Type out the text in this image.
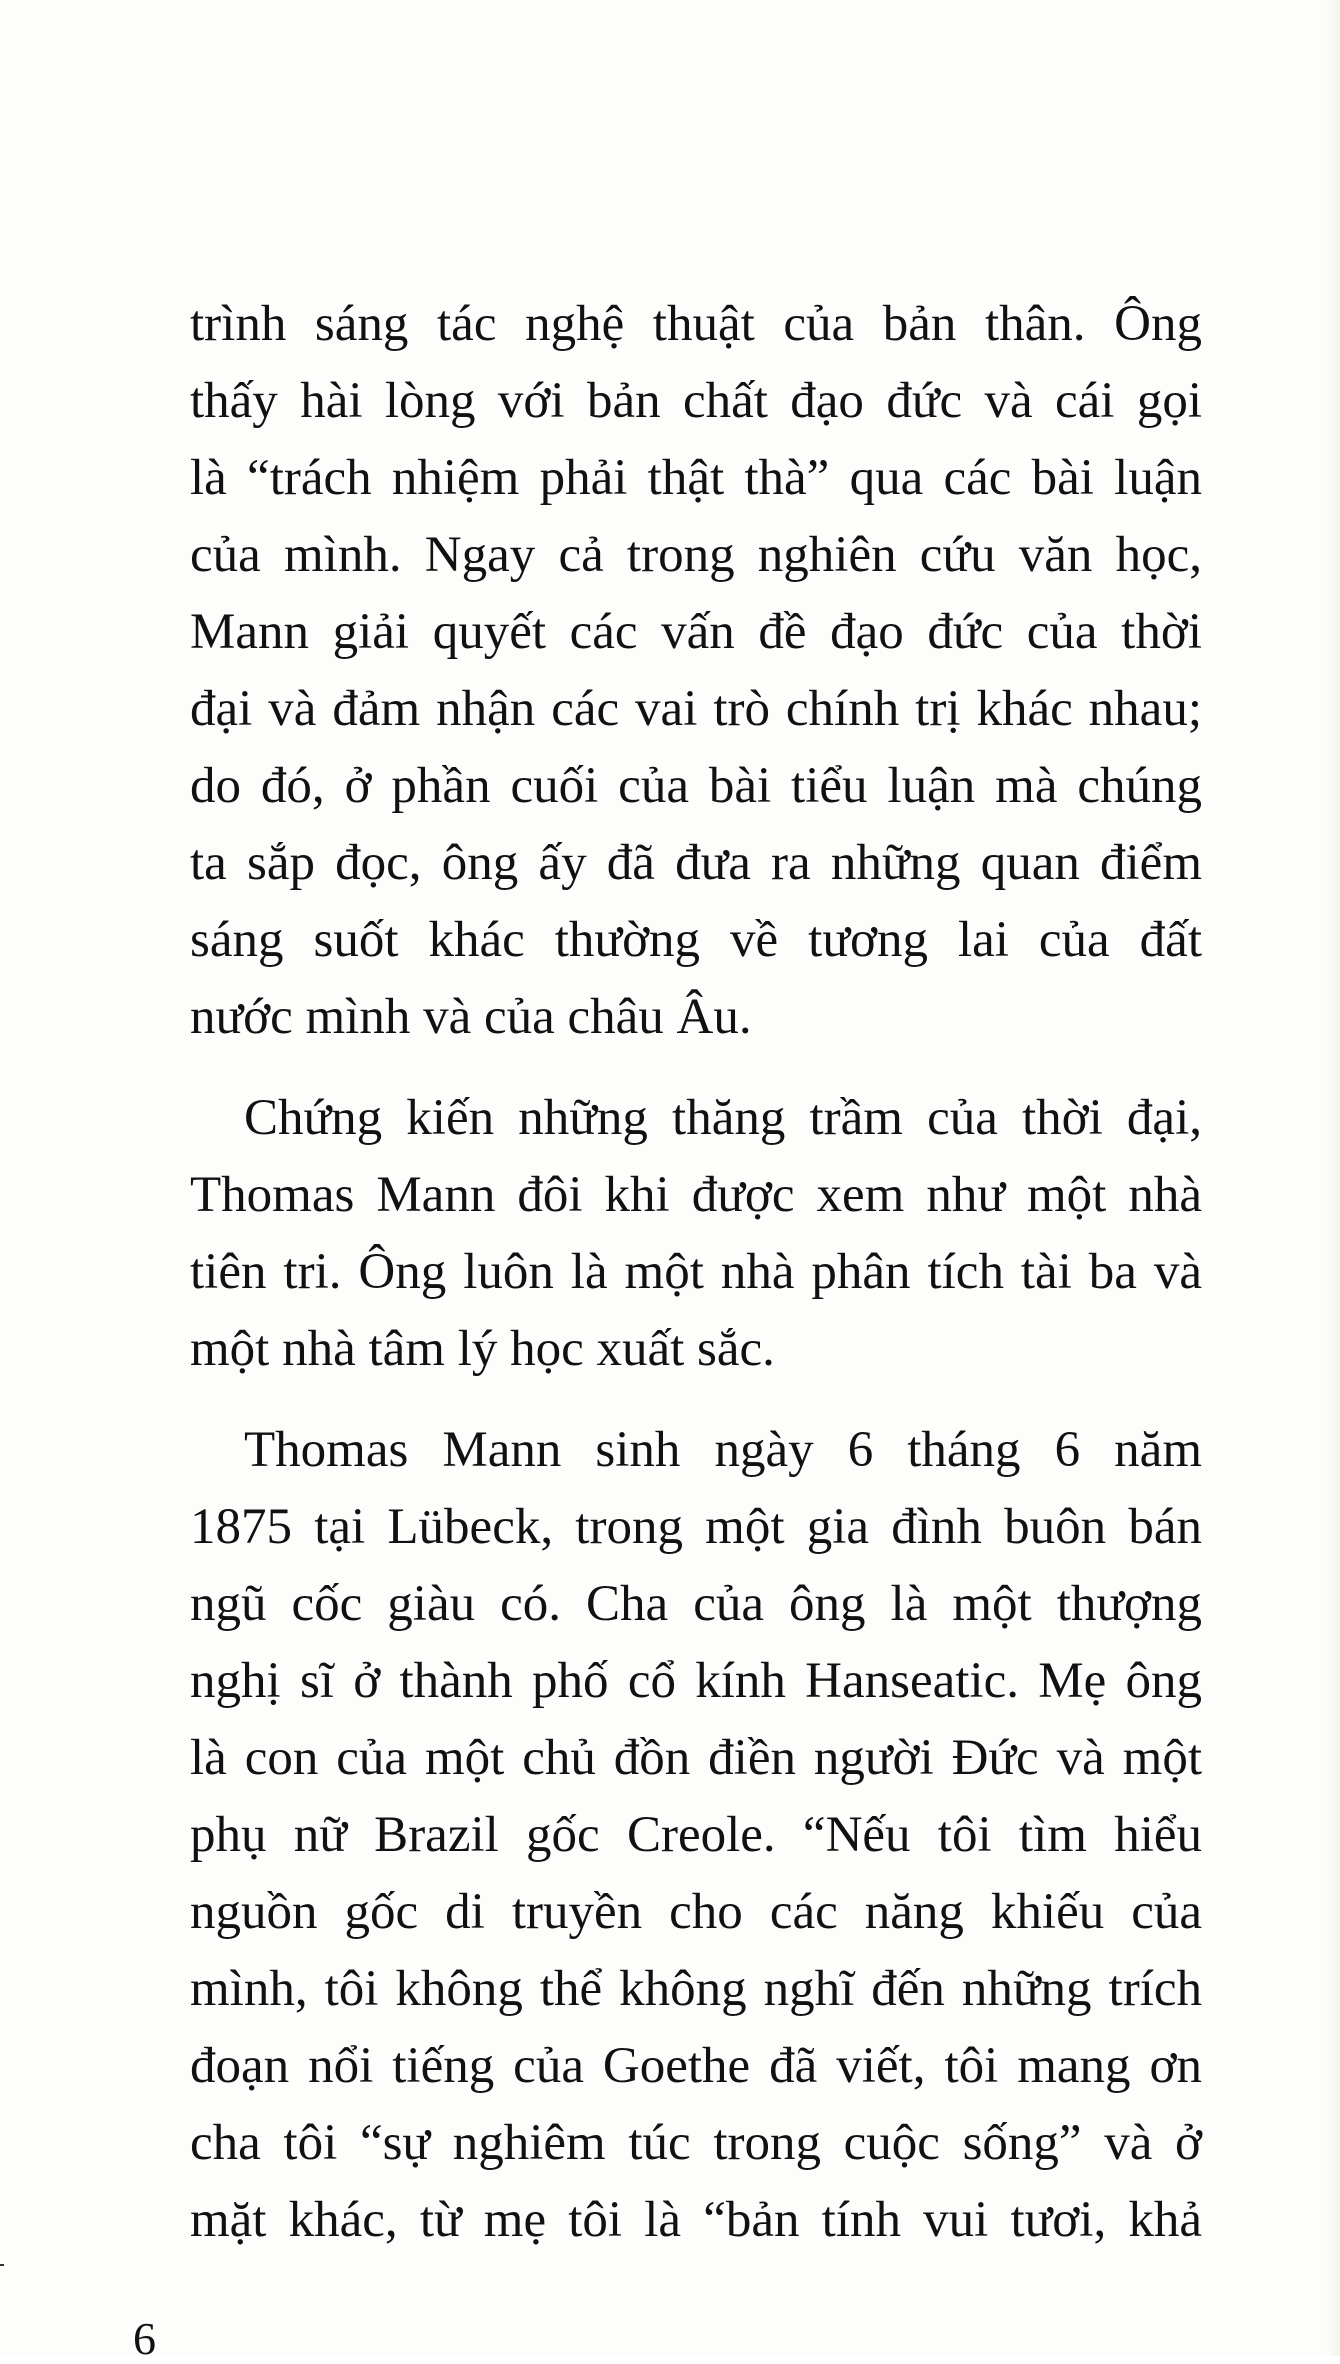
trình sáng tác nghệ thuật của bản thân. Ông
thấy hài lòng với bản chất đạo đức và cái gọi
là “trách nhiệm phải thật thà” qua các bài luận
của mình. Ngay cả trong nghiên cứu văn học,
Mann giải quyết các vấn đề đạo đức của thời
đại và đảm nhận các vai trò chính trị khác nhau;
do đó, ở phần cuối của bài tiểu luận mà chúng
ta sắp đọc, ông ấy đã đưa ra những quan điểm
sáng suốt khác thường về tương lai của đất
nước mình và của châu Âu.
Chứng kiến những thăng trầm của thời đại,
Thomas Mann đôi khi được xem như một nhà
tiên tri. Ông luôn là một nhà phân tích tài ba và
một nhà tâm lý học xuất sắc.
Thomas Mann sinh ngày 6 tháng 6 năm
1875 tại Lübeck, trong một gia đình buôn bán
ngũ cốc giàu có. Cha của ông là một thượng
nghị sĩ ở thành phố cổ kính Hanseatic. Mẹ ông
là con của một chủ đồn điền người Đức và một
phụ nữ Brazil gốc Creole. “Nếu tôi tìm hiểu
nguồn gốc di truyền cho các năng khiếu của
mình, tôi không thể không nghĩ đến những trích
đoạn nổi tiếng của Goethe đã viết, tôi mang ơn
cha tôi “sự nghiêm túc trong cuộc sống” và ở
mặt khác, từ mẹ tôi là “bản tính vui tươi, khả
6
